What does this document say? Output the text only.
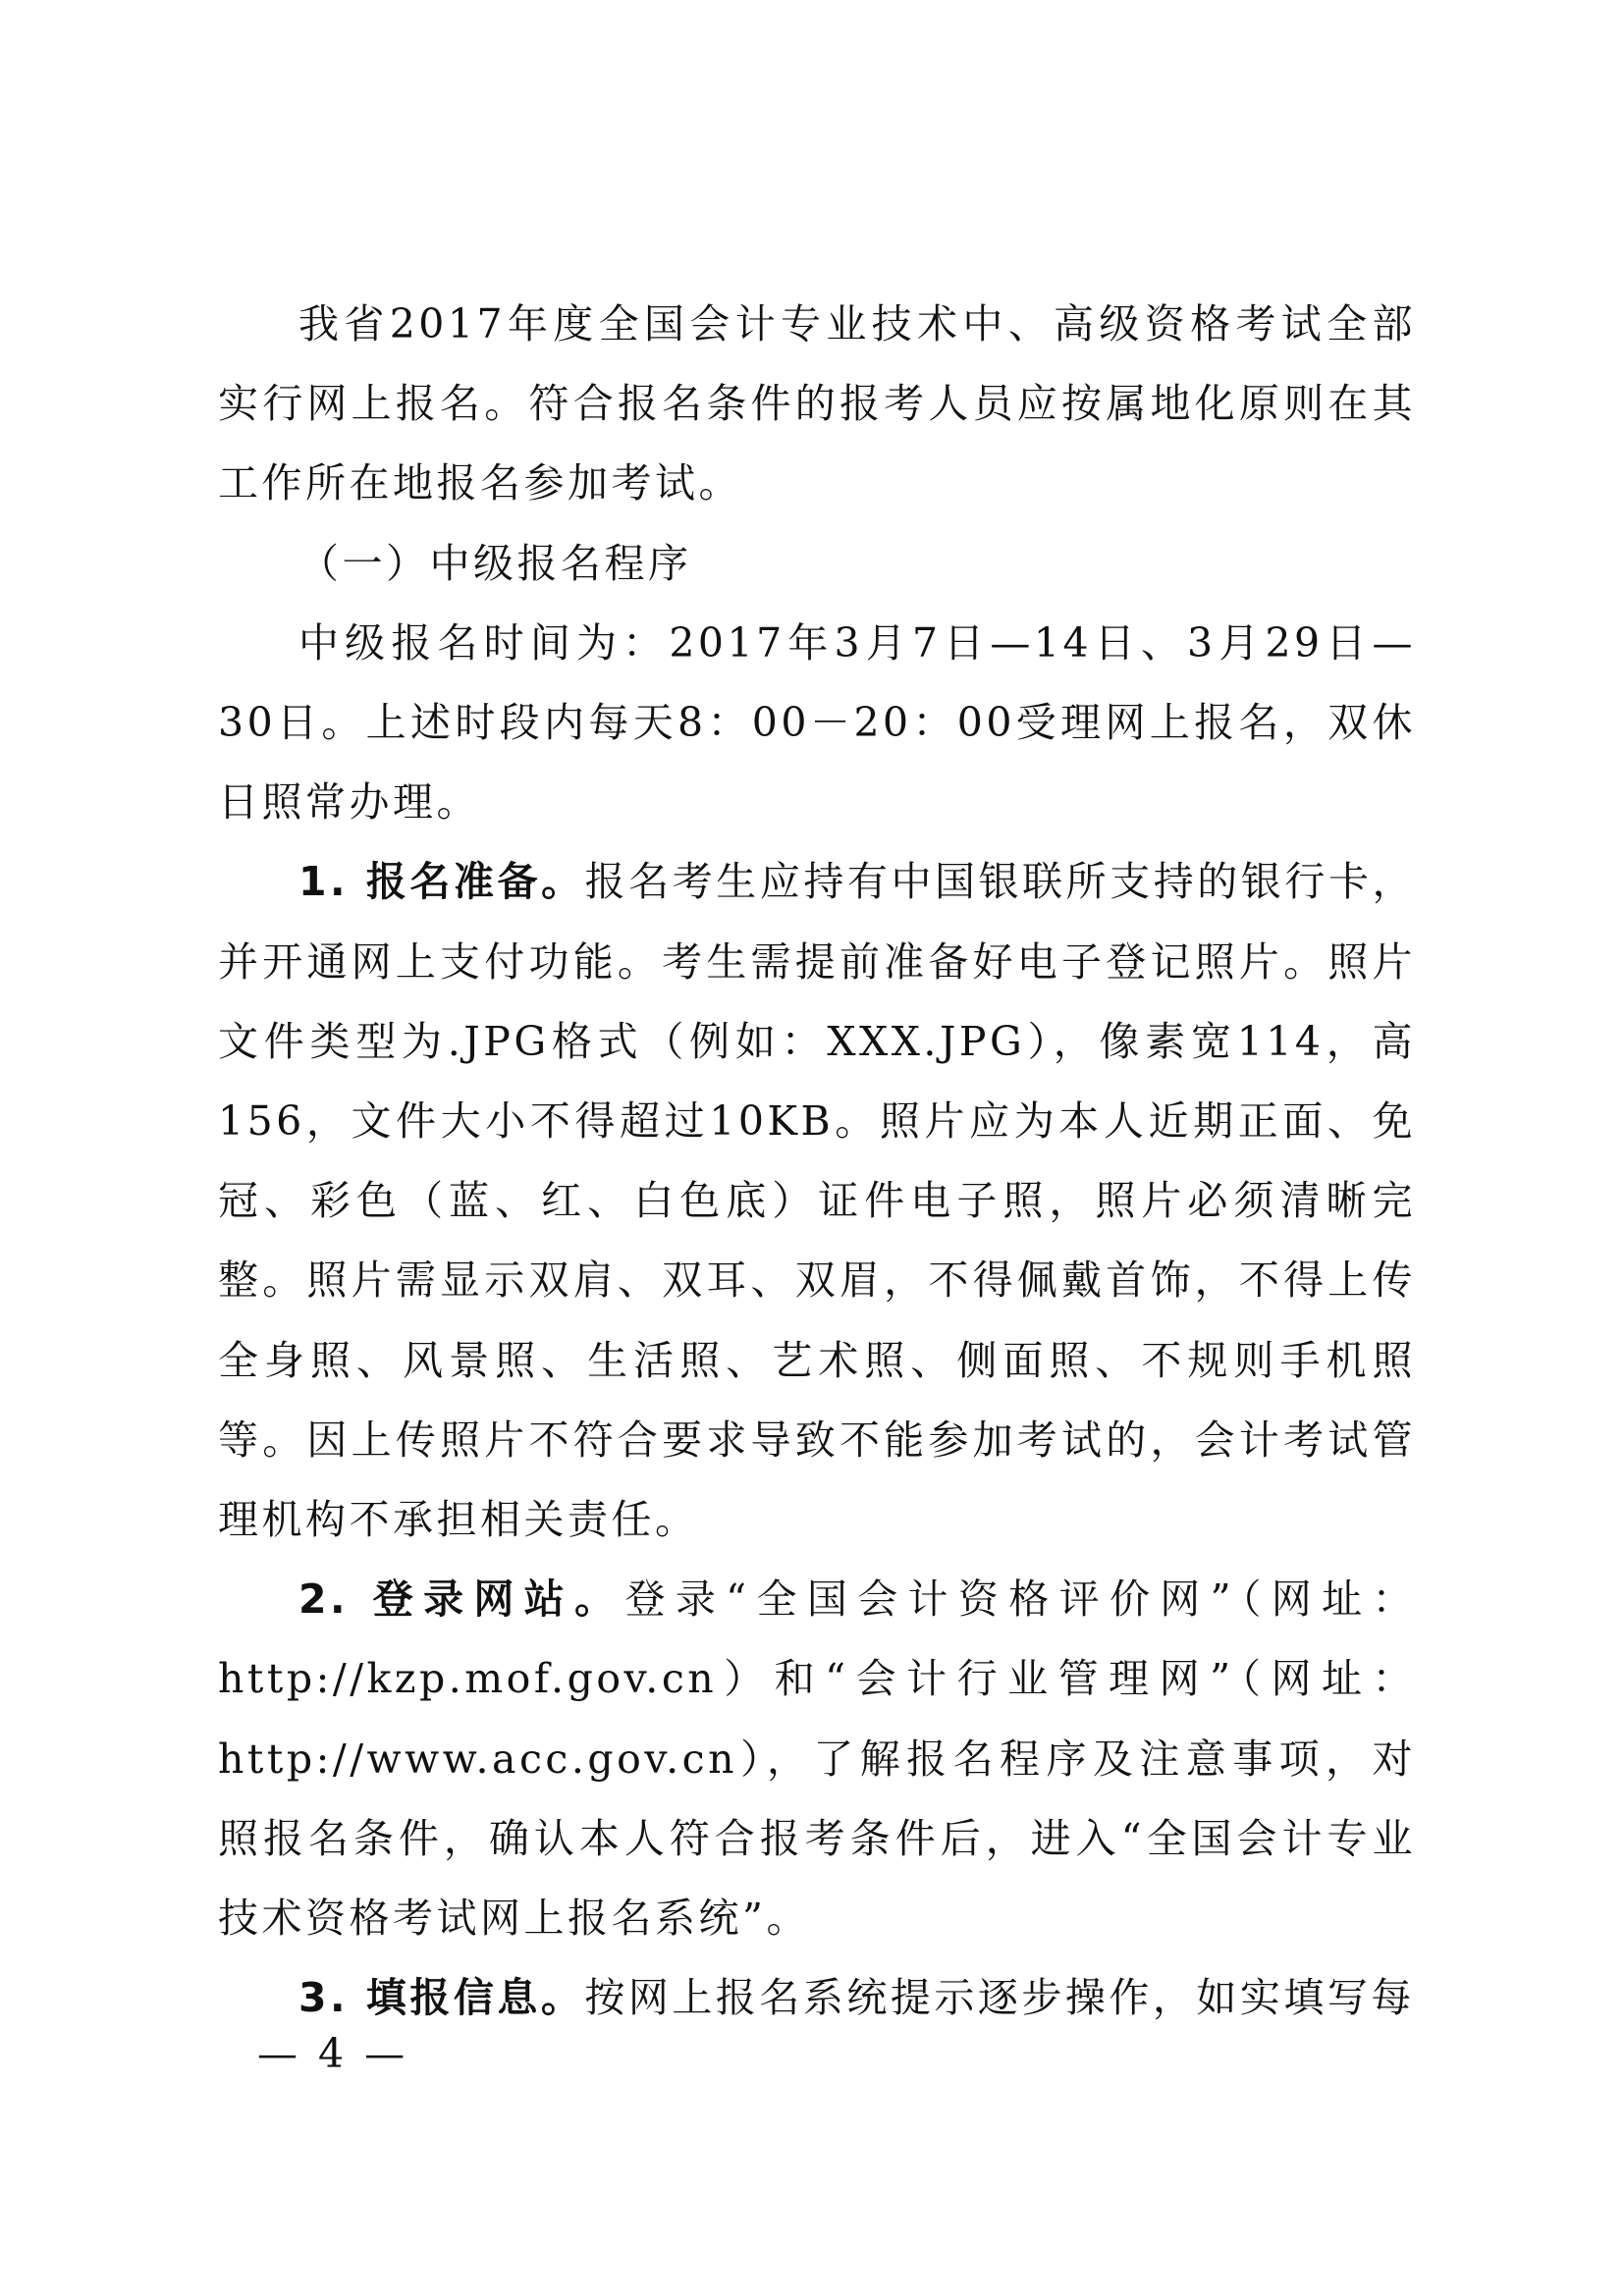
我省2017年度全国会计专业技术中、高级资格考试全部实行网上报名。符合报名条件的报考人员应按属地化原则在其工作所在地报名参加考试。

（一）中级报名程序

中级报名时间为：2017年3月7日—14日、3月29日—30日。上述时段内每天8：00－20：00受理网上报名，双休日照常办理。

1. 报名准备。报名考生应持有中国银联所支持的银行卡，并开通网上支付功能。考生需提前准备好电子登记照片。照片文件类型为.JPG格式（例如：XXX.JPG），像素宽114，高156，文件大小不得超过10KB。照片应为本人近期正面、免冠、彩色（蓝、红、白色底）证件电子照，照片必须清晰完整。照片需显示双肩、双耳、双眉，不得佩戴首饰，不得上传全身照、风景照、生活照、艺术照、侧面照、不规则手机照等。因上传照片不符合要求导致不能参加考试的，会计考试管理机构不承担相关责任。

2. 登录网站。登录“全国会计资格评价网”（网址：http://kzp.mof.gov.cn）和“会计行业管理网”（网址：http://www.acc.gov.cn），了解报名程序及注意事项，对照报名条件，确认本人符合报考条件后，进入“全国会计专业技术资格考试网上报名系统”。

3. 填报信息。按网上报名系统提示逐步操作，如实填写每

— 4 —
